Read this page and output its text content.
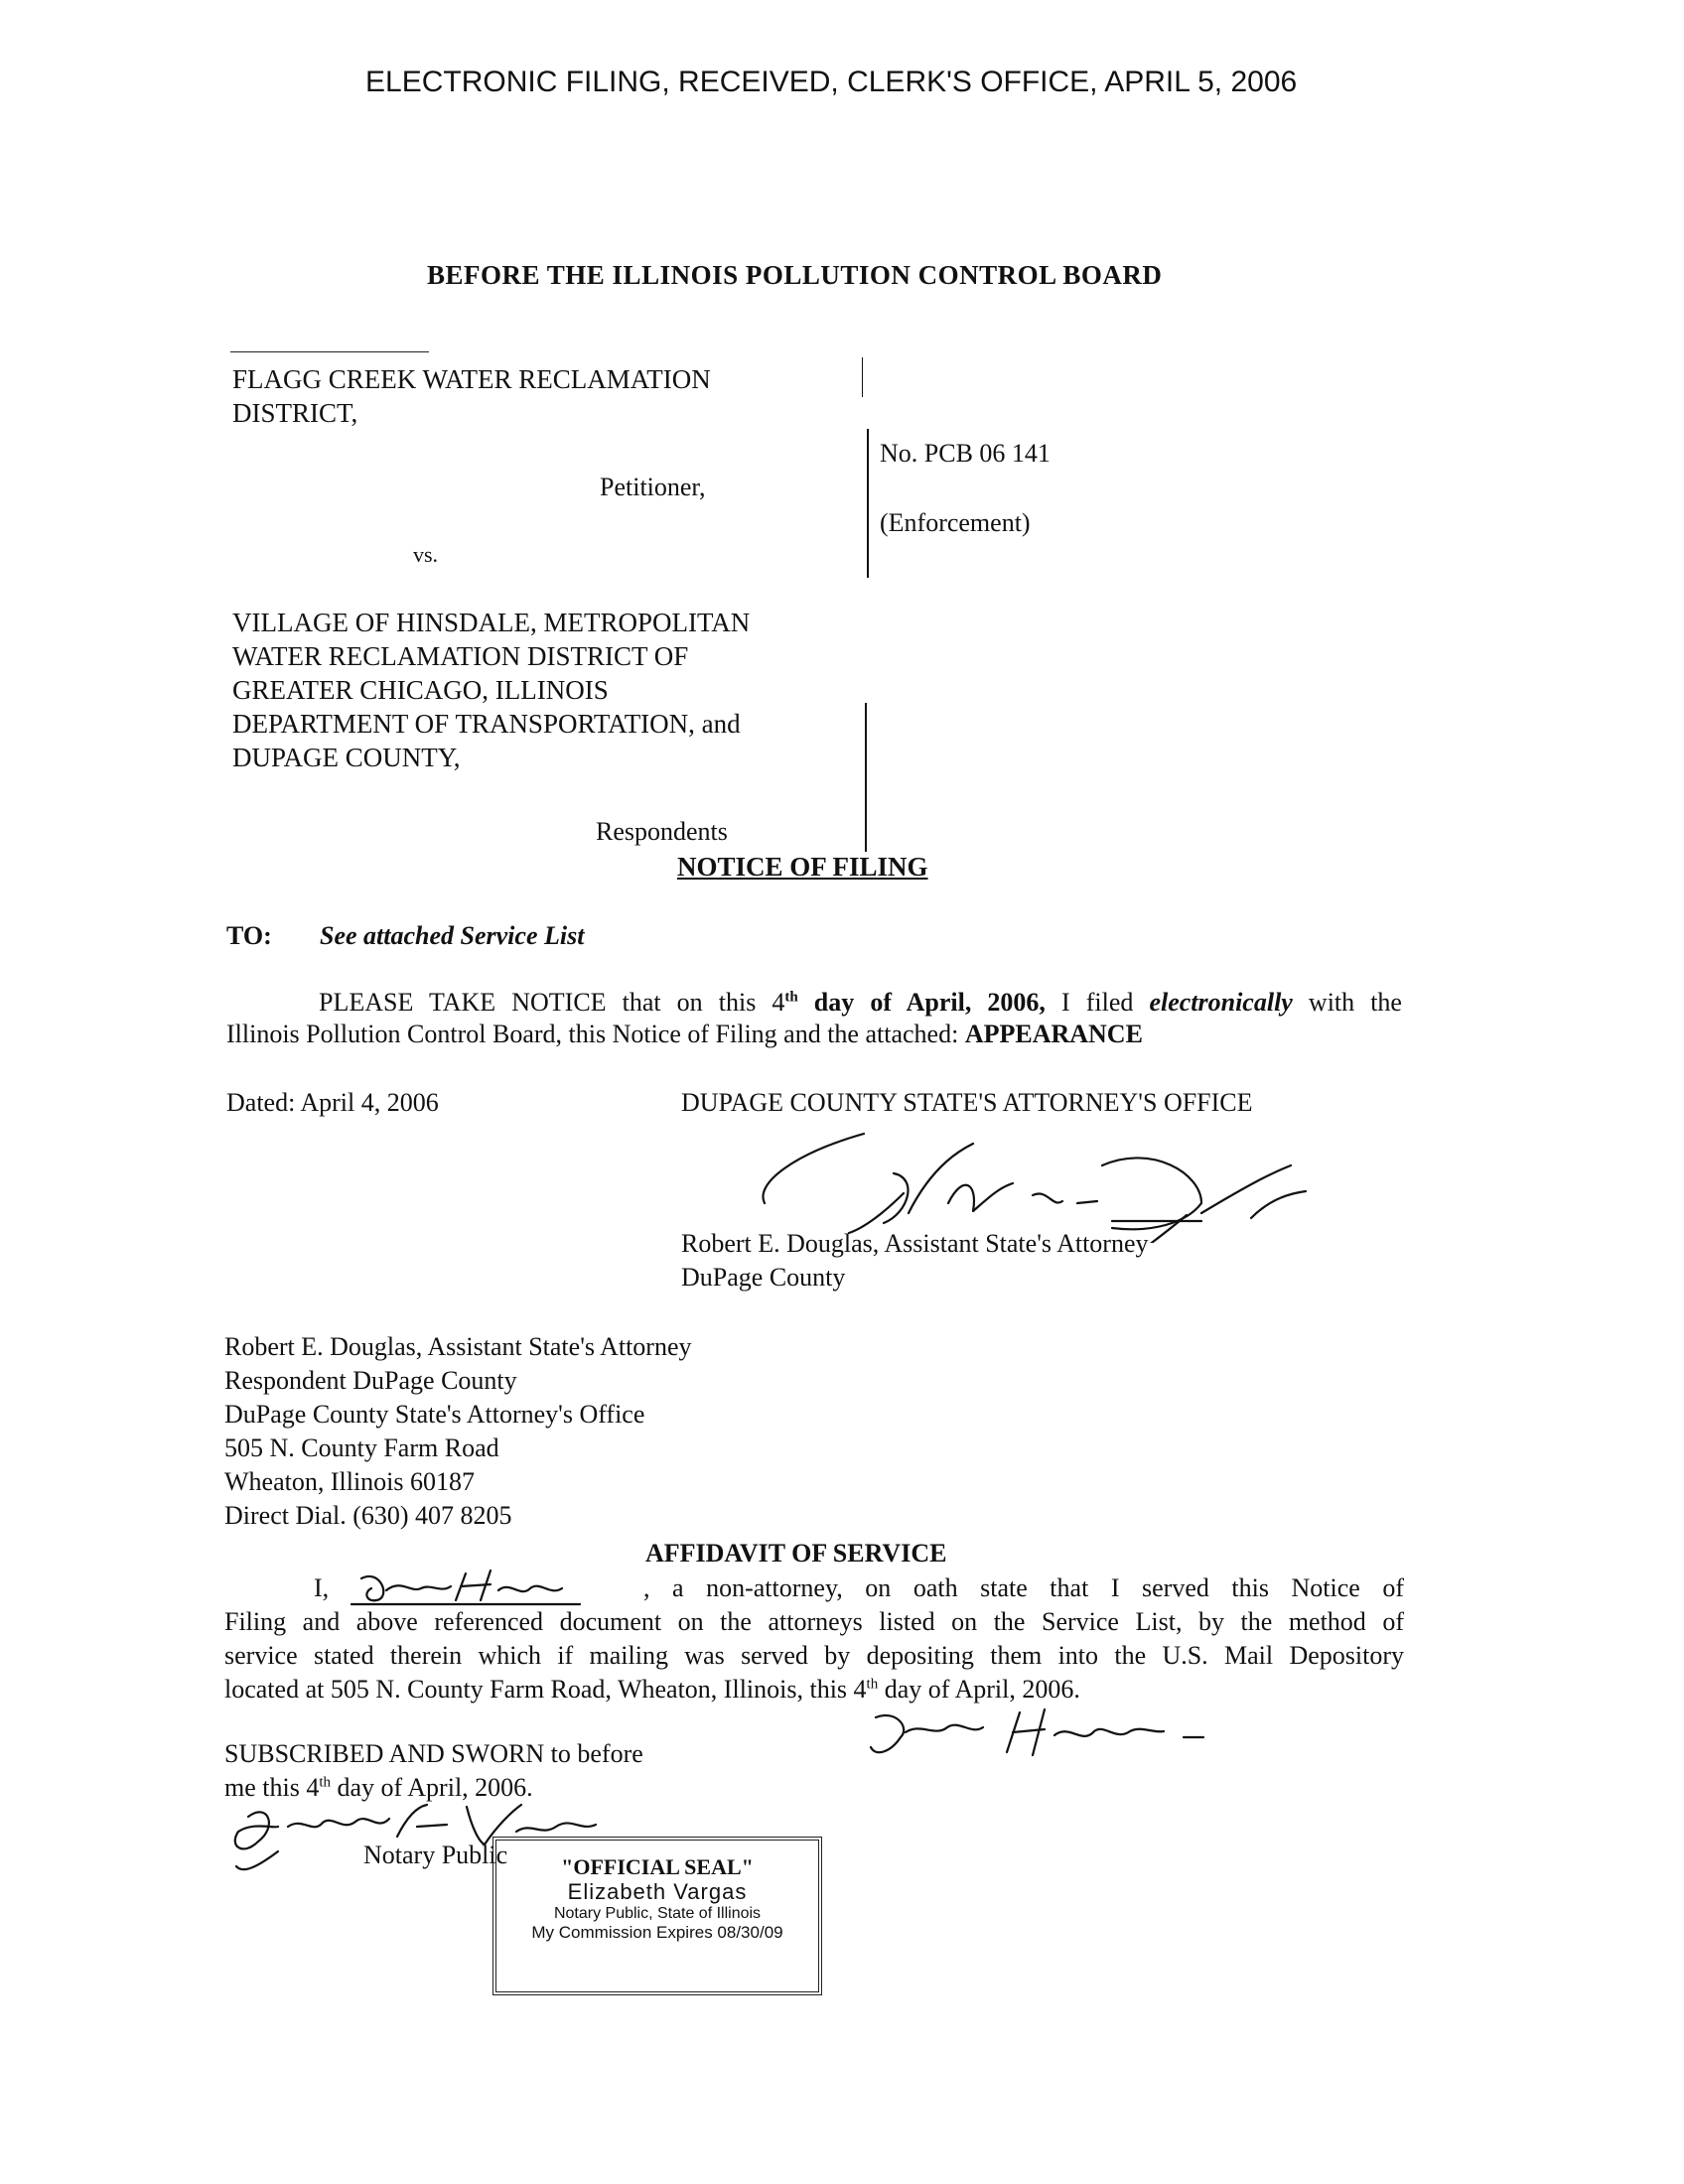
ELECTRONIC FILING, RECEIVED, CLERK'S OFFICE, APRIL 5, 2006
BEFORE THE ILLINOIS POLLUTION CONTROL BOARD
FLAGG CREEK WATER RECLAMATION
DISTRICT,
Petitioner,
vs.
VILLAGE OF HINSDALE, METROPOLITAN
WATER RECLAMATION DISTRICT OF
GREATER CHICAGO, ILLINOIS
DEPARTMENT OF TRANSPORTATION, and
DUPAGE COUNTY,
Respondents
No. PCB 06 141
(Enforcement)
NOTICE OF FILING
TO: See attached Service List
PLEASE TAKE NOTICE that on this 4th day of April, 2006, I filed electronically with the
Illinois Pollution Control Board, this Notice of Filing and the attached: APPEARANCE
Dated: April 4, 2006	DUPAGE COUNTY STATE'S ATTORNEY'S OFFICE
Robert E. Douglas, Assistant State's Attorney
DuPage County
Robert E. Douglas, Assistant State's Attorney
Respondent DuPage County
DuPage County State's Attorney's Office
505 N. County Farm Road
Wheaton, Illinois 60187
Direct Dial. (630) 407 8205
AFFIDAVIT OF SERVICE
I,	, a non-attorney, on oath state that I served this Notice of
Filing and above referenced document on the attorneys listed on the Service List, by the method of
service stated therein which if mailing was served by depositing them into the U.S. Mail Depository
located at 505 N. County Farm Road, Wheaton, Illinois, this 4th day of April, 2006.
SUBSCRIBED AND SWORN to before
me this 4th day of April, 2006.
Notary Public	"OFFICIAL SEAL"
Elizabeth Vargas
Notary Public, State of Illinois
My Commission Expires 08/30/09
